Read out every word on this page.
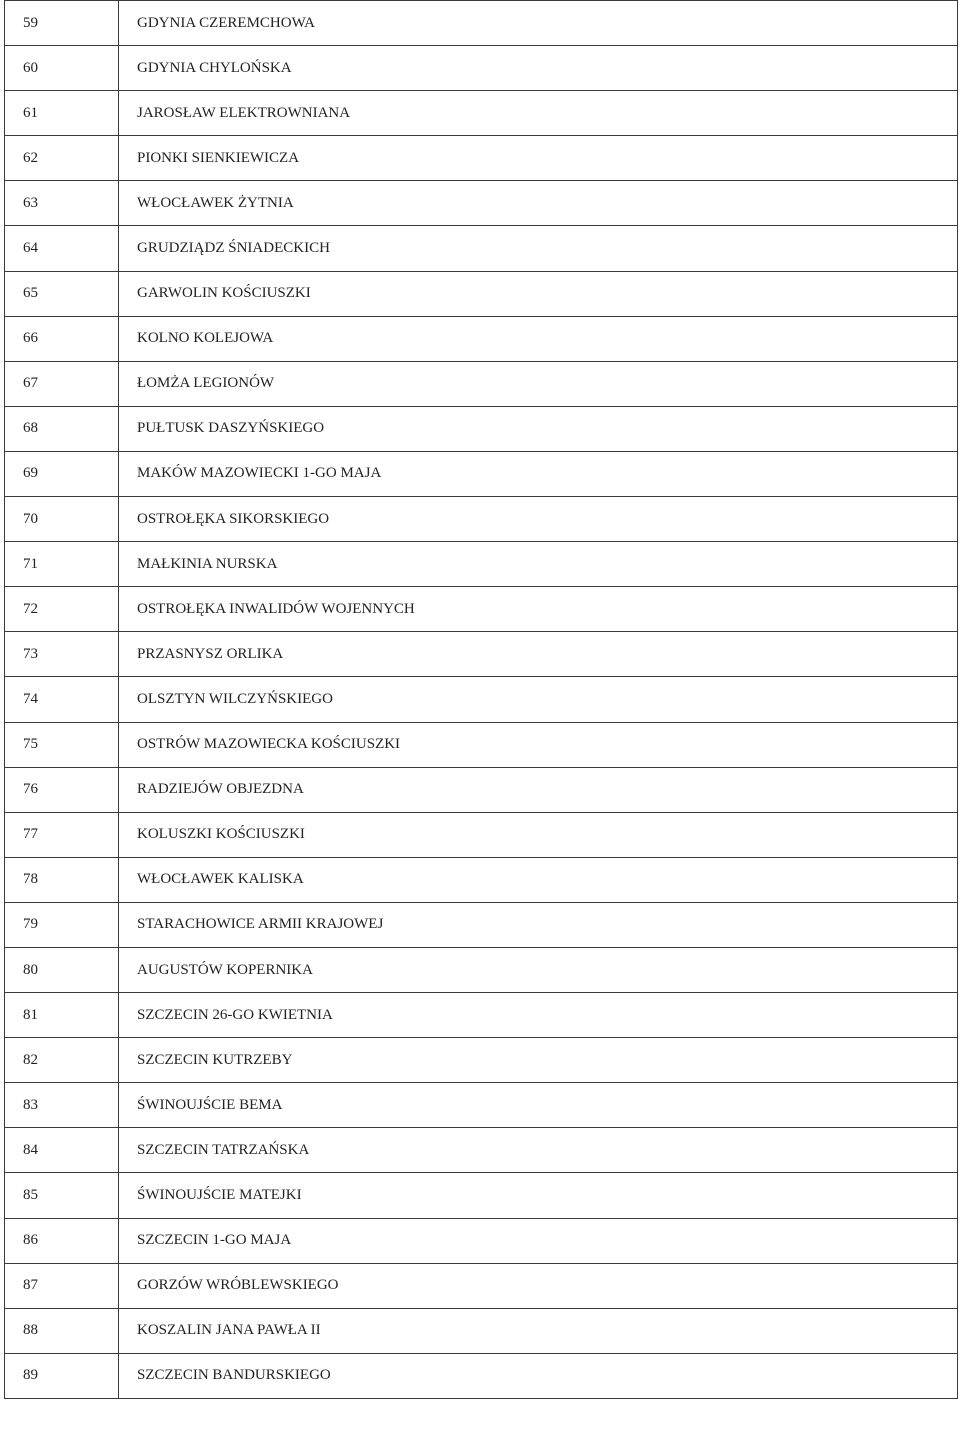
59	GDYNIA CZEREMCHOWA
60	GDYNIA CHYLOŃSKA
61	JAROSŁAW ELEKTROWNIANA
62	PIONKI SIENKIEWICZA
63	WŁOCŁAWEK ŻYTNIA
64	GRUDZIĄDZ ŚNIADECKICH
65	GARWOLIN KOŚCIUSZKI
66	KOLNO KOLEJOWA
67	ŁOMŻA LEGIONÓW
68	PUŁTUSK DASZYŃSKIEGO
69	MAKÓW MAZOWIECKI 1-GO MAJA
70	OSTROŁĘKA SIKORSKIEGO
71	MAŁKINIA NURSKA
72	OSTROŁĘKA INWALIDÓW WOJENNYCH
73	PRZASNYSZ ORLIKA
74	OLSZTYN WILCZYŃSKIEGO
75	OSTRÓW MAZOWIECKA KOŚCIUSZKI
76	RADZIEJÓW OBJEZDNA
77	KOLUSZKI KOŚCIUSZKI
78	WŁOCŁAWEK KALISKA
79	STARACHOWICE ARMII KRAJOWEJ
80	AUGUSTÓW KOPERNIKA
81	SZCZECIN 26-GO KWIETNIA
82	SZCZECIN KUTRZEBY
83	ŚWINOUJŚCIE BEMA
84	SZCZECIN TATRZAŃSKA
85	ŚWINOUJŚCIE MATEJKI
86	SZCZECIN 1-GO MAJA
87	GORZÓW WRÓBLEWSKIEGO
88	KOSZALIN JANA PAWŁA II
89	SZCZECIN BANDURSKIEGO
